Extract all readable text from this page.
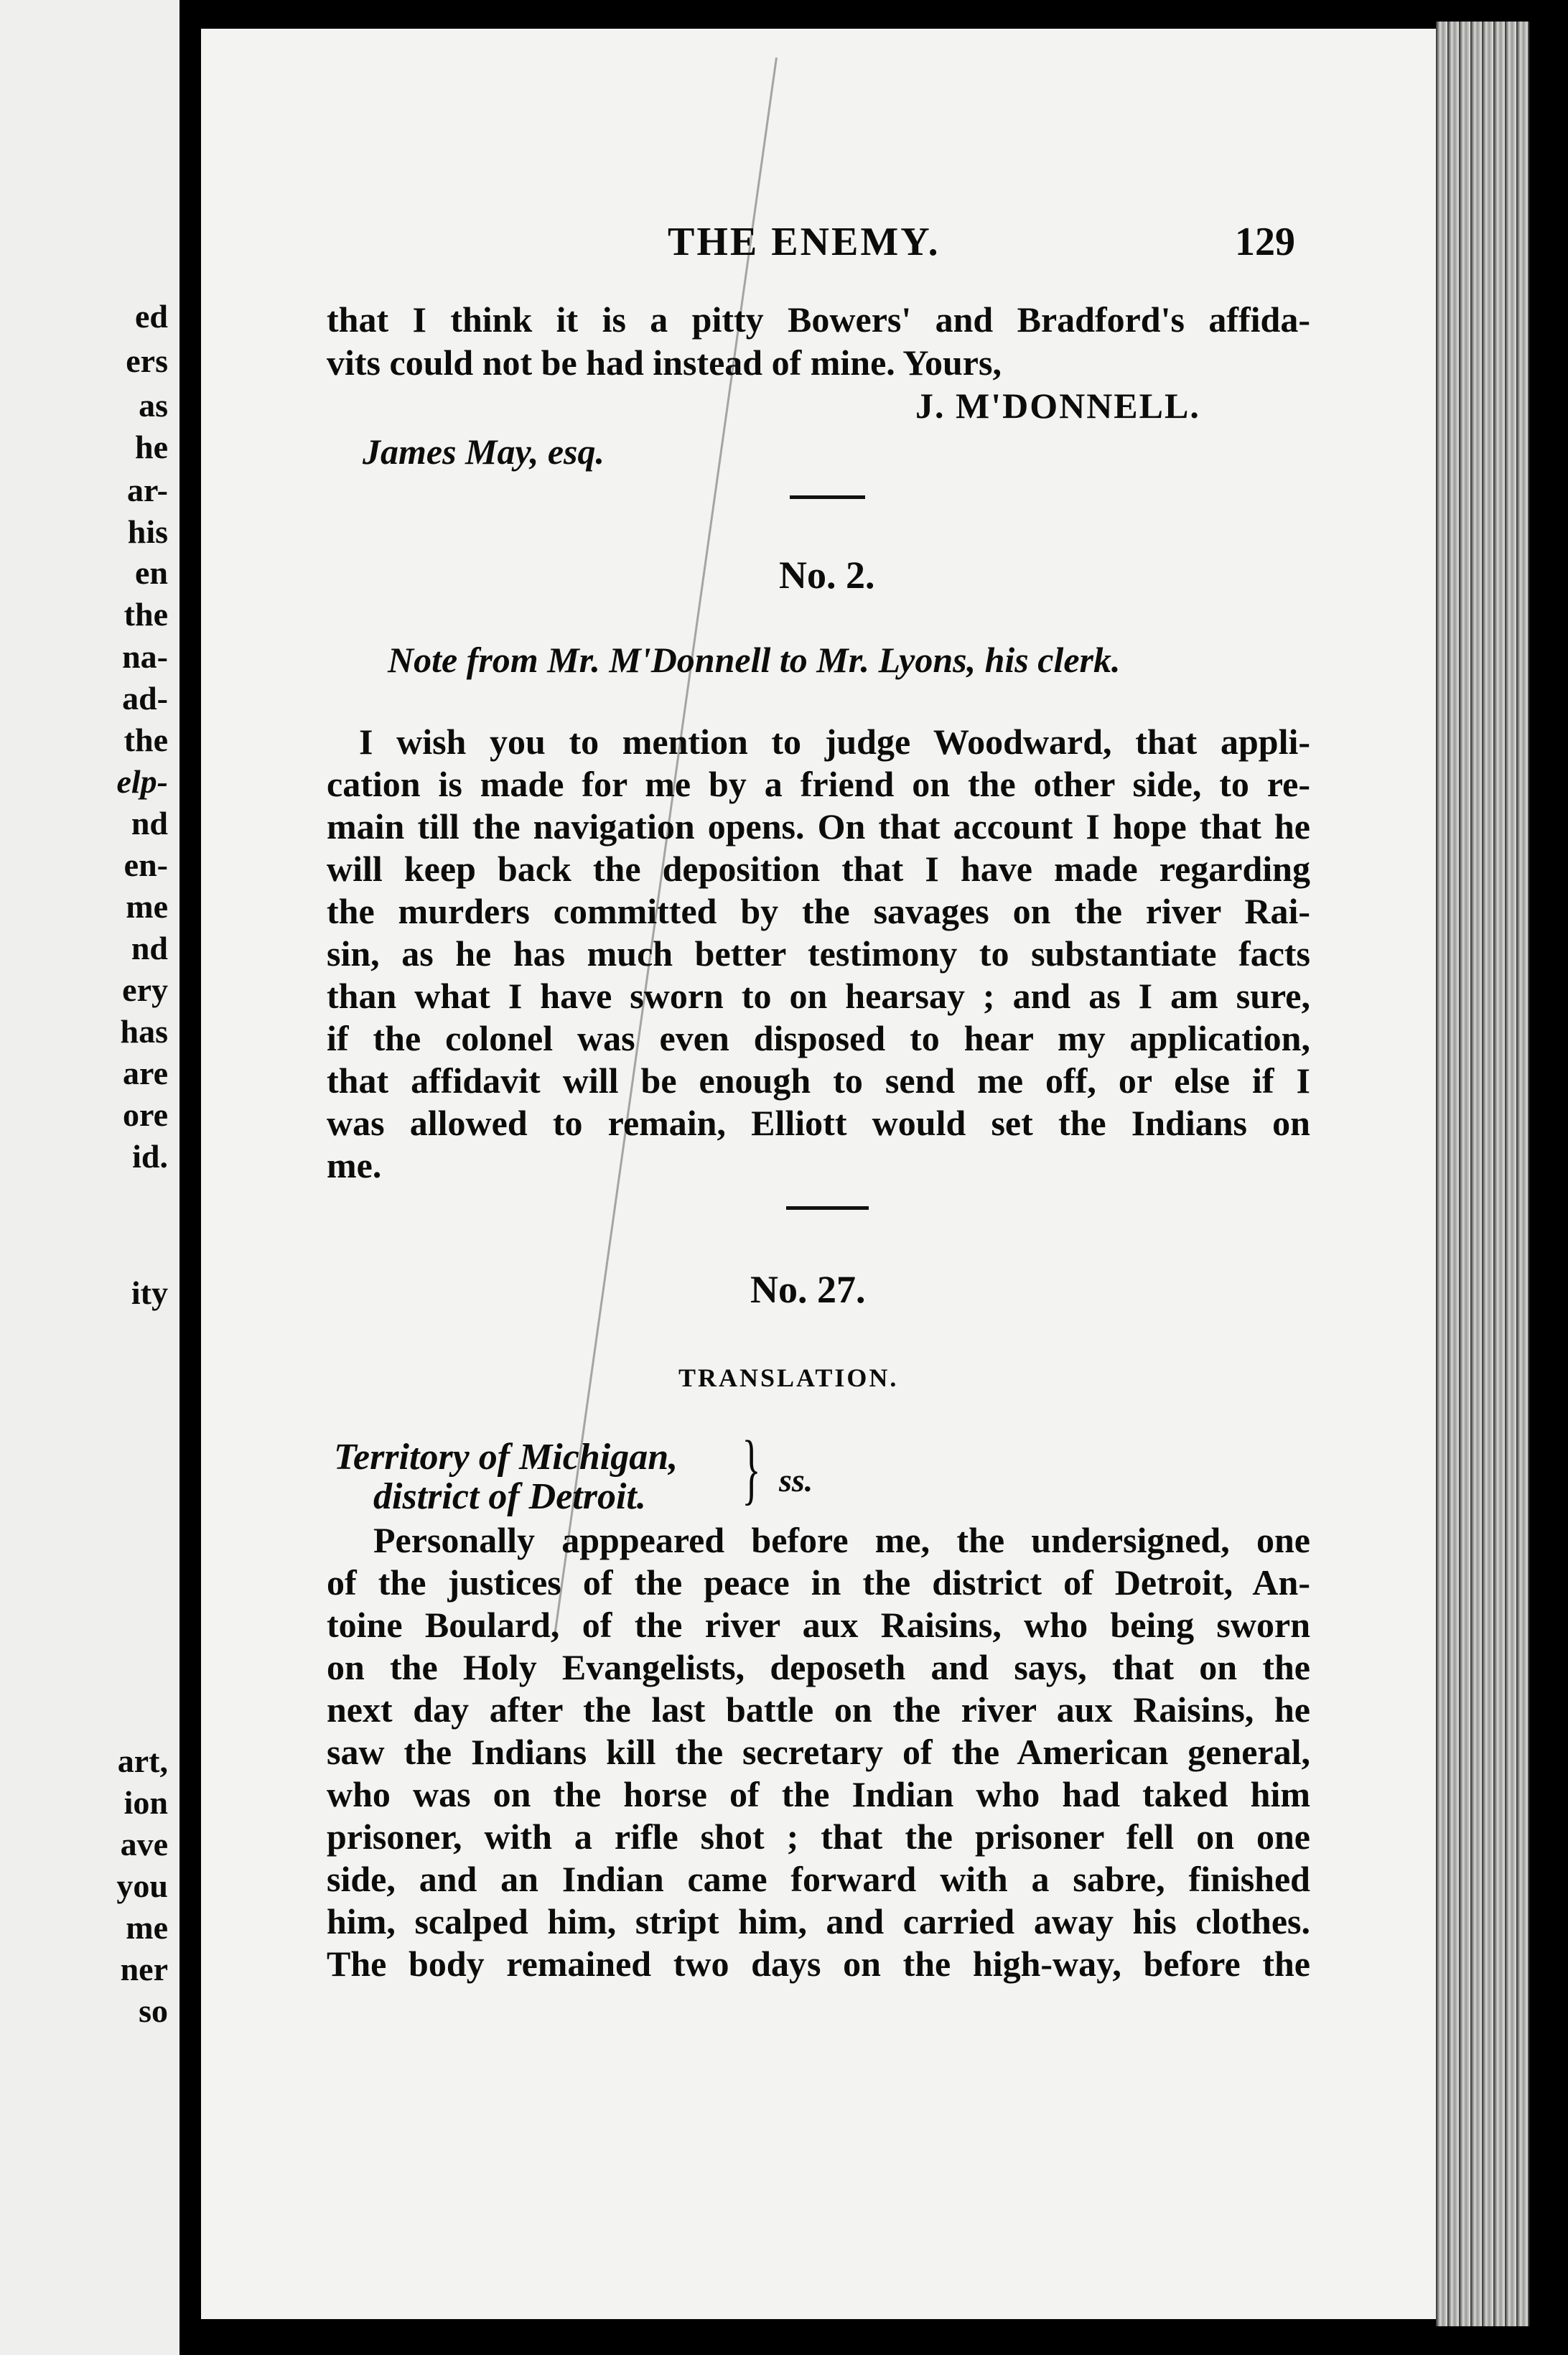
ed
ers
as
he
ar-
his
en
the
na-
ad-
the
elp-
nd
en-
me
nd
ery
has
are
ore
id.
ity
art,
ion
ave
you
me
ner
so
THE ENEMY.	129
that I think it is a pitty Bowers' and Bradford's affida-
vits could not be had instead of mine. Yours,
J. M'DONNELL.
James May, esq.
No. 2.
Note from Mr. M'Donnell to Mr. Lyons, his clerk.
I wish you to mention to judge Woodward, that appli-
cation is made for me by a friend on the other side, to re-
main till the navigation opens. On that account I hope that he
will keep back the deposition that I have made regarding
the murders committed by the savages on the river Rai-
sin, as he has much better testimony to substantiate facts
than what I have sworn to on hearsay ; and as I am sure,
if the colonel was even disposed to hear my application,
that affidavit will be enough to send me off, or else if I
was allowed to remain, Elliott would set the Indians on
me.
No. 27.
TRANSLATION.
Territory of Michigan,
district of Detroit. } ss.
Personally apppeared before me, the undersigned, one
of the justices of the peace in the district of Detroit, An-
toine Boulard, of the river aux Raisins, who being sworn
on the Holy Evangelists, deposeth and says, that on the
next day after the last battle on the river aux Raisins, he
saw the Indians kill the secretary of the American general,
who was on the horse of the Indian who had taked him
prisoner, with a rifle shot ; that the prisoner fell on one
side, and an Indian came forward with a sabre, finished
him, scalped him, stript him, and carried away his clothes.
The body remained two days on the high-way, before the
